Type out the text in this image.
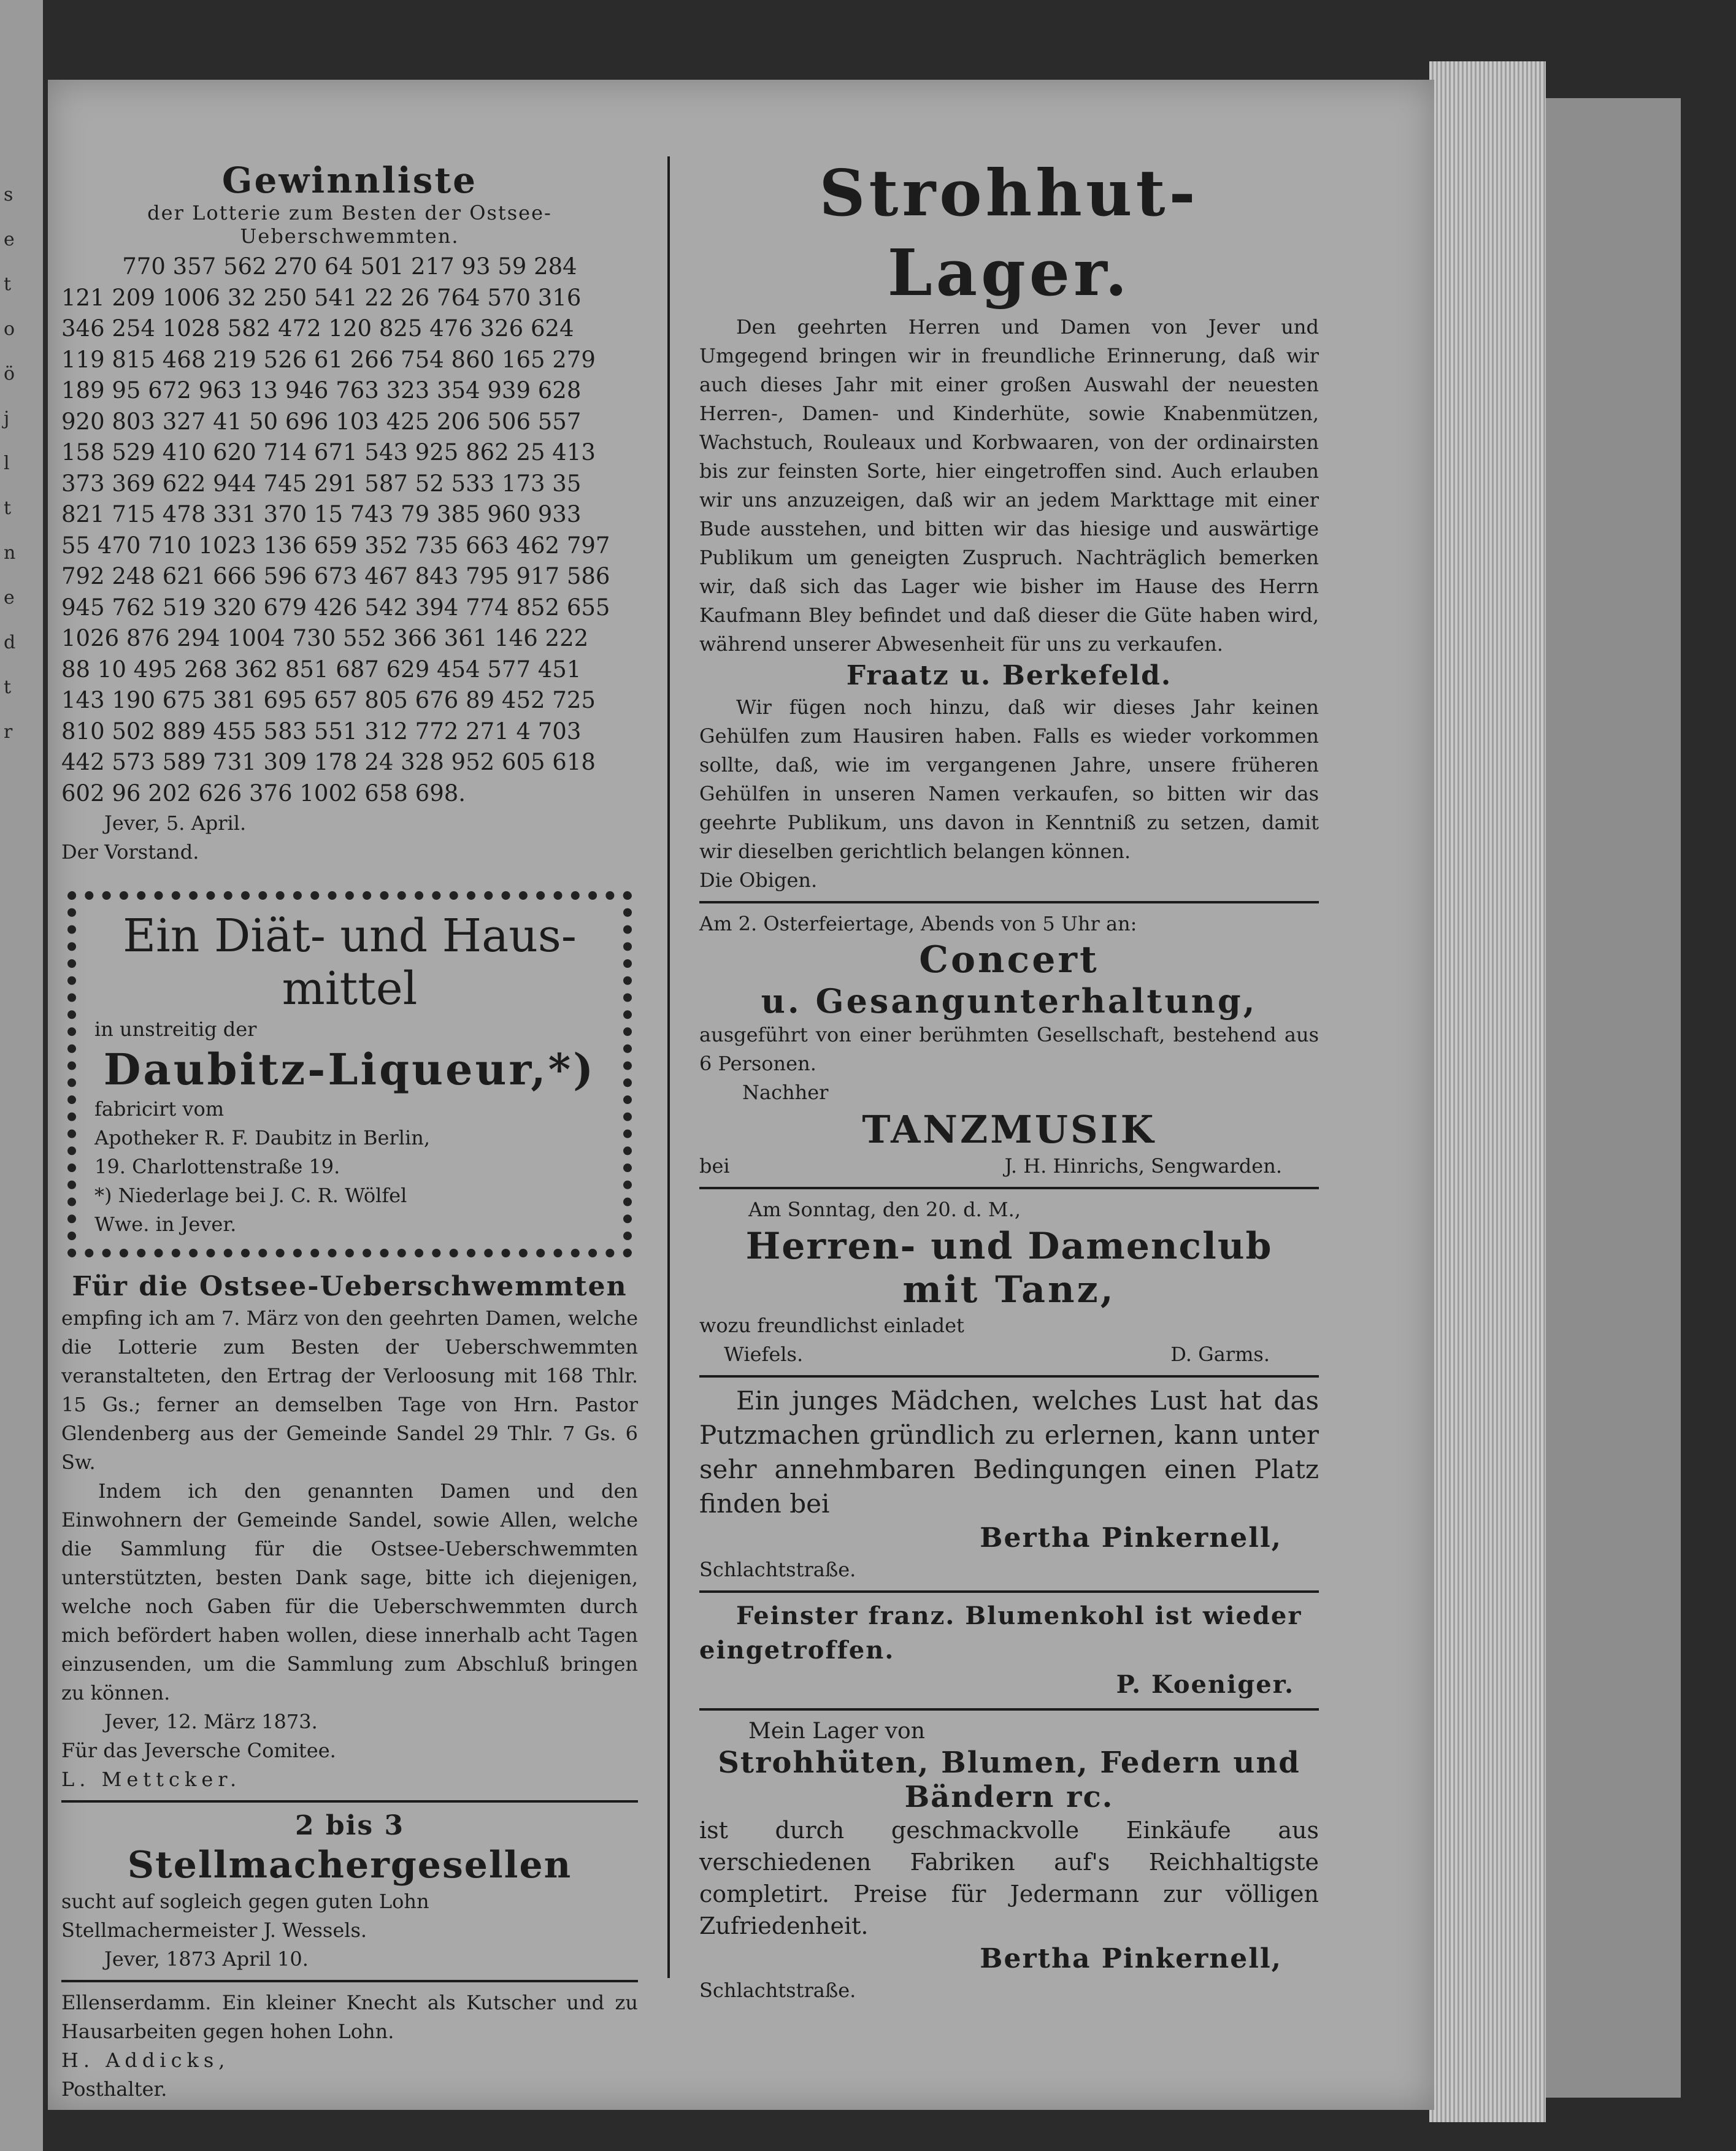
s
e
t
o
ö
j
l
t
n
e
d
t
r
Gewinnliste
der Lotterie zum Besten der Ostsee-Ueberschwemmten.
770 357 562 270 64 501 217 93 59 284
121 209 1006 32 250 541 22 26 764 570 316
346 254 1028 582 472 120 825 476 326 624
119 815 468 219 526 61 266 754 860 165 279
189 95 672 963 13 946 763 323 354 939 628
920 803 327 41 50 696 103 425 206 506 557
158 529 410 620 714 671 543 925 862 25 413
373 369 622 944 745 291 587 52 533 173 35
821 715 478 331 370 15 743 79 385 960 933
55 470 710 1023 136 659 352 735 663 462 797
792 248 621 666 596 673 467 843 795 917 586
945 762 519 320 679 426 542 394 774 852 655
1026 876 294 1004 730 552 366 361 146 222
88 10 495 268 362 851 687 629 454 577 451
143 190 675 381 695 657 805 676 89 452 725
810 502 889 455 583 551 312 772 271 4 703
442 573 589 731 309 178 24 328 952 605 618
602 96 202 626 376 1002 658 698.
Jever, 5. April.
Der Vorstand.
Ein Diät- und Haus-
mittel
in unstreitig der
Daubitz-Liqueur,*)
fabricirt vom
Apotheker R. F. Daubitz in Berlin,
19. Charlottenstraße 19.
*) Niederlage bei J. C. R. Wölfel
Wwe. in Jever.
Für die Ostsee-Ueberschwemmten
empfing ich am 7. März von den geehrten Damen, welche die Lotterie zum Besten der Ueberschwemmten veranstalteten, den Ertrag der Verloosung mit 168 Thlr. 15 Gs.; ferner an demselben Tage von Hrn. Pastor Glendenberg aus der Gemeinde Sandel 29 Thlr. 7 Gs. 6 Sw.
Indem ich den genannten Damen und den Einwohnern der Gemeinde Sandel, sowie Allen, welche die Sammlung für die Ostsee-Ueberschwemmten unterstützten, besten Dank sage, bitte ich diejenigen, welche noch Gaben für die Ueberschwemmten durch mich befördert haben wollen, diese innerhalb acht Tagen einzusenden, um die Sammlung zum Abschluß bringen zu können.
Jever, 12. März 1873.
Für das Jeversche Comitee.
L. Mettcker.
2 bis 3
Stellmachergesellen
sucht auf sogleich gegen guten Lohn
Stellmachermeister J. Wessels.
Jever, 1873 April 10.
Ellenserdamm. Ein kleiner Knecht als Kutscher und zu Hausarbeiten gegen hohen Lohn.
H. Addicks,
Posthalter.
Strohhut-Lager.
Den geehrten Herren und Damen von Jever und Umgegend bringen wir in freundliche Erinnerung, daß wir auch dieses Jahr mit einer großen Auswahl der neuesten Herren-, Damen- und Kinderhüte, sowie Knabenmützen, Wachstuch, Rouleaux und Korbwaaren, von der ordinairsten bis zur feinsten Sorte, hier eingetroffen sind. Auch erlauben wir uns anzuzeigen, daß wir an jedem Markttage mit einer Bude ausstehen, und bitten wir das hiesige und auswärtige Publikum um geneigten Zuspruch. Nachträglich bemerken wir, daß sich das Lager wie bisher im Hause des Herrn Kaufmann Bley befindet und daß dieser die Güte haben wird, während unserer Abwesenheit für uns zu verkaufen.
Fraatz u. Berkefeld.
Wir fügen noch hinzu, daß wir dieses Jahr keinen Gehülfen zum Hausiren haben. Falls es wieder vorkommen sollte, daß, wie im vergangenen Jahre, unsere früheren Gehülfen in unseren Namen verkaufen, so bitten wir das geehrte Publikum, uns davon in Kenntniß zu setzen, damit wir dieselben gerichtlich belangen können.
Die Obigen.
Am 2. Osterfeiertage, Abends von 5 Uhr an:
Concert
u. Gesangunterhaltung,
ausgeführt von einer berühmten Gesellschaft, bestehend aus 6 Personen.
Nachher
TANZMUSIK
bei	J. H. Hinrichs, Sengwarden.
Am Sonntag, den 20. d. M.,
Herren- und Damenclub
mit Tanz,
wozu freundlichst einladet
Wiefels.	D. Garms.
Ein junges Mädchen, welches Lust hat das Putzmachen gründlich zu erlernen, kann unter sehr annehmbaren Bedingungen einen Platz finden bei
Bertha Pinkernell,
Schlachtstraße.
Feinster franz. Blumenkohl ist wieder eingetroffen.
P. Koeniger.
Mein Lager von
Strohhüten, Blumen, Federn und Bändern rc.
ist durch geschmackvolle Einkäufe aus verschiedenen Fabriken auf's Reichhaltigste completirt. Preise für Jedermann zur völligen Zufriedenheit.
Bertha Pinkernell,
Schlachtstraße.
